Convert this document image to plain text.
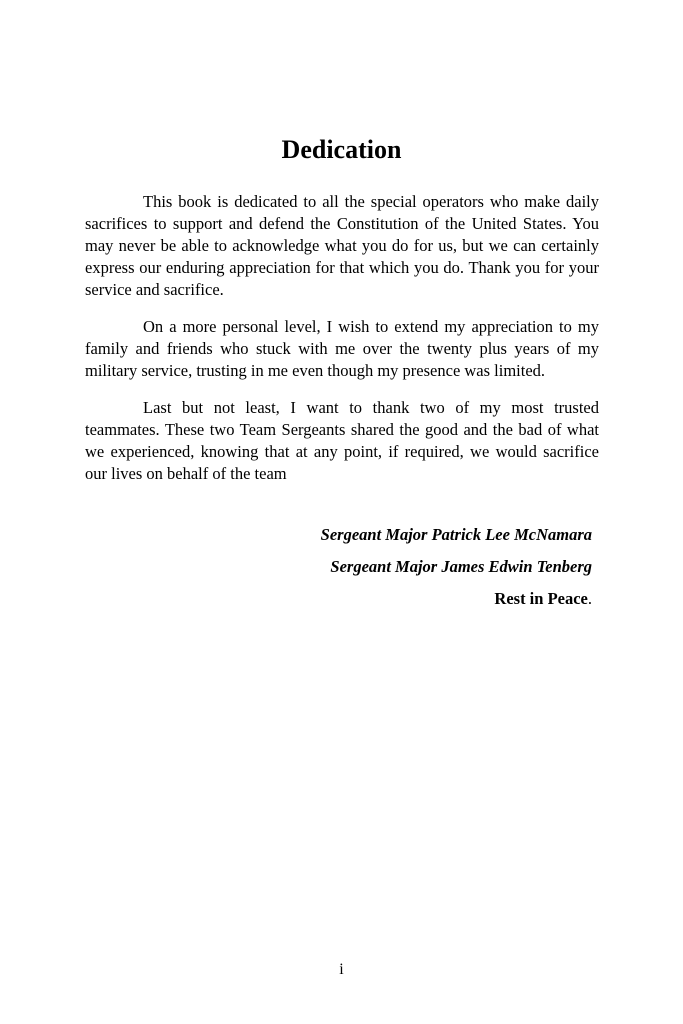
Dedication

This book is dedicated to all the special operators who make daily sacrifices to support and defend the Constitution of the United States. You may never be able to acknowledge what you do for us, but we can certainly express our enduring appreciation for that which you do. Thank you for your service and sacrifice.

On a more personal level, I wish to extend my appreciation to my family and friends who stuck with me over the twenty plus years of my military service, trusting in me even though my presence was limited.

Last but not least, I want to thank two of my most trusted teammates. These two Team Sergeants shared the good and the bad of what we experienced, knowing that at any point, if required, we would sacrifice our lives on behalf of the team

Sergeant Major Patrick Lee McNamara

Sergeant Major James Edwin Tenberg

Rest in Peace.

i
